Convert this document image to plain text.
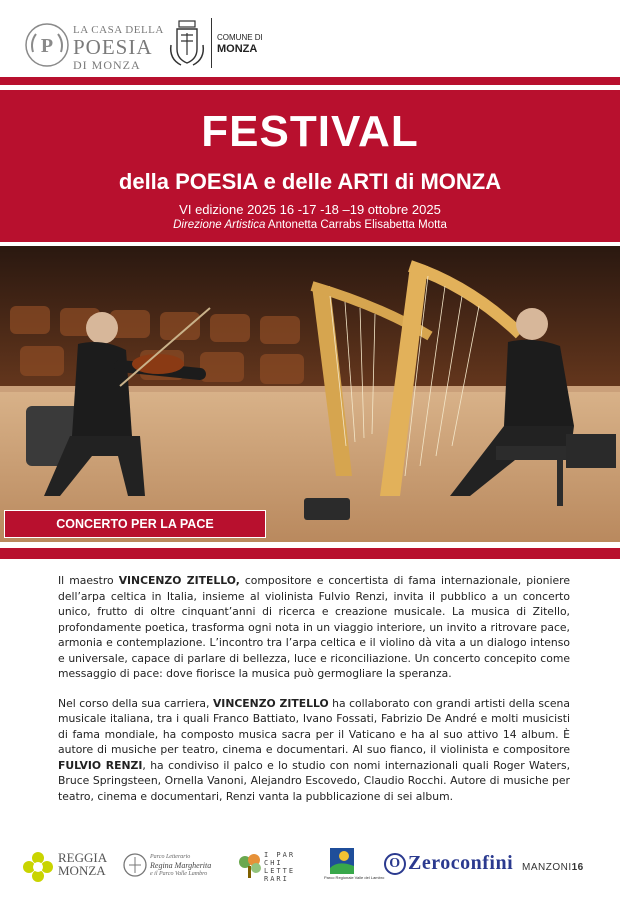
P
LA CASA DELLA
POESIA
DI MONZA
COMUNE DI
MONZA
FESTIVAL
della POESIA e delle ARTI di MONZA
VI edizione 2025 16 -17 -18 –19 ottobre 2025
Direzione Artistica Antonetta Carrabs Elisabetta Motta
CONCERTO PER LA PACE

Il maestro VINCENZO ZITELLO, compositore e concertista di fama internazionale, pioniere dell’arpa celtica in Italia, insieme al violinista Fulvio Renzi, invita il pubblico a un concerto unico, frutto di oltre cinquant’anni di ricerca e creazione musicale. La musica di Zitello, profondamente poetica, trasforma ogni nota in un viaggio interiore, un invito a ritrovare pace, armonia e contemplazione. L’incontro tra l’arpa celtica e il violino dà vita a un dialogo intenso e universale, capace di parlare di bellezza, luce e riconciliazione. Un concerto concepito come messaggio di pace: dove fiorisce la musica può germogliare la speranza.

Nel corso della sua carriera, VINCENZO ZITELLO ha collaborato con grandi artisti della scena musicale italiana, tra i quali Franco Battiato, Ivano Fossati, Fabrizio De André e molti musicisti di fama mondiale, ha composto musica sacra per il Vaticano e ha al suo attivo 14 album. È autore di musiche per teatro, cinema e documentari. Al suo fianco, il violinista e compositore FULVIO RENZI, ha condiviso il palco e lo studio con nomi internazionali quali Roger Waters, Bruce Springsteen, Ornella Vanoni, Alejandro Escovedo, Claudio Rocchi. Autore di musiche per teatro, cinema e documentari, Renzi vanta la pubblicazione di sei album.

REGGIA
MONZA
Parco Letterario
Regina Margherita
e il Parco Valle Lambro
I PAR
CHI
LETTE
RARI	Parco Regionale Valle del Lambro
O Zeroconfini MANZONI16
